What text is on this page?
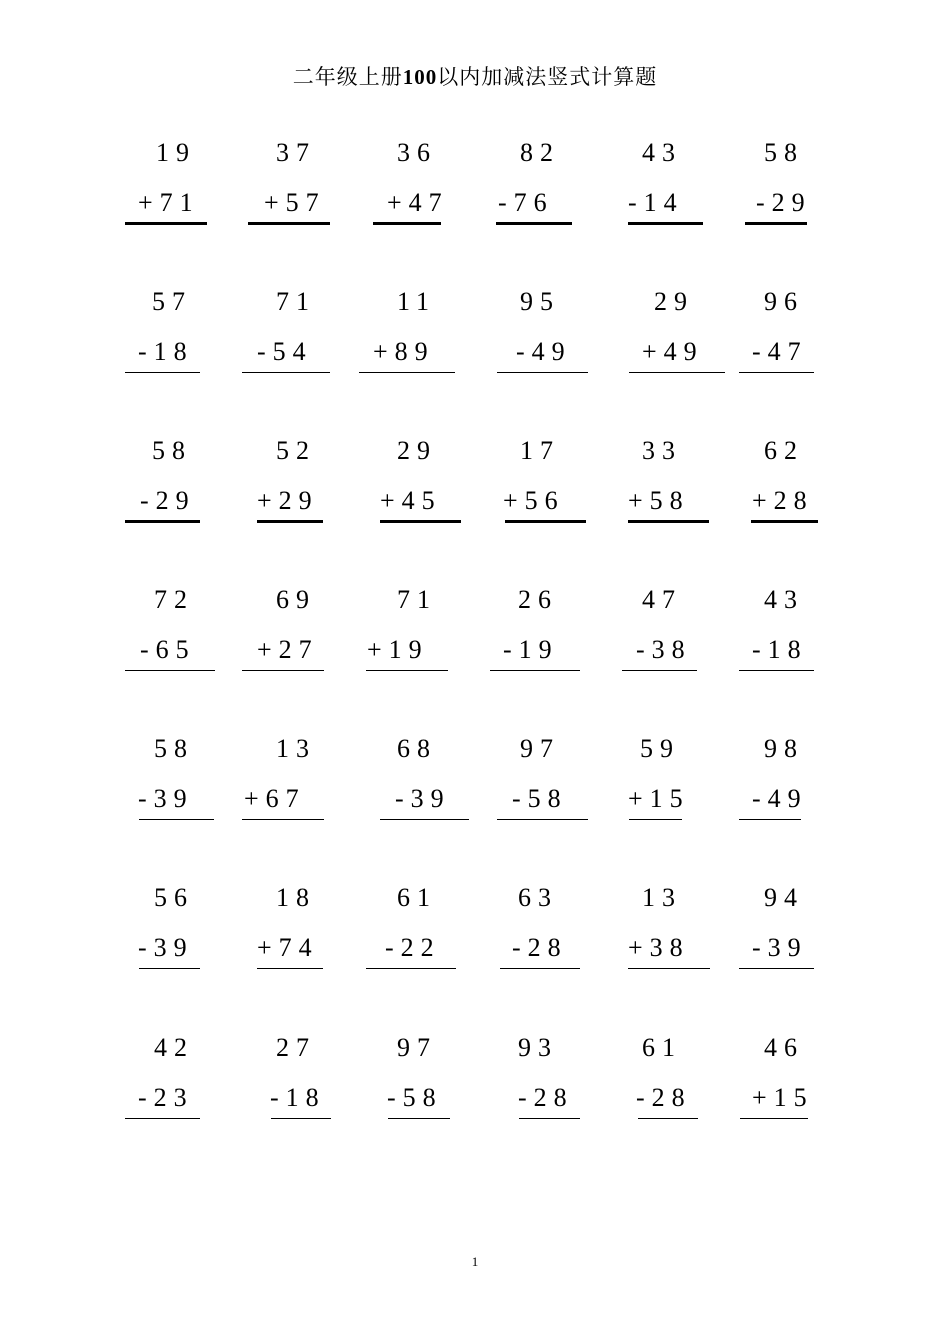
二年级上册100以内加减法竖式计算题
19
+71
37
+57
36
+47
82
-76
43
-14
58
-29
57
-18
71
-54
11
+89
95
-49
29
+49
96
-47
58
-29
52
+29
29
+45
17
+56
33
+58
62
+28
72
-65
69
+27
71
+19
26
-19
47
-38
43
-18
58
-39
13
+67
68
-39
97
-58
59
+15
98
-49
56
-39
18
+74
61
-22
63
-28
13
+38
94
-39
42
-23
27
-18
97
-58
93
-28
61
-28
46
+15
1
